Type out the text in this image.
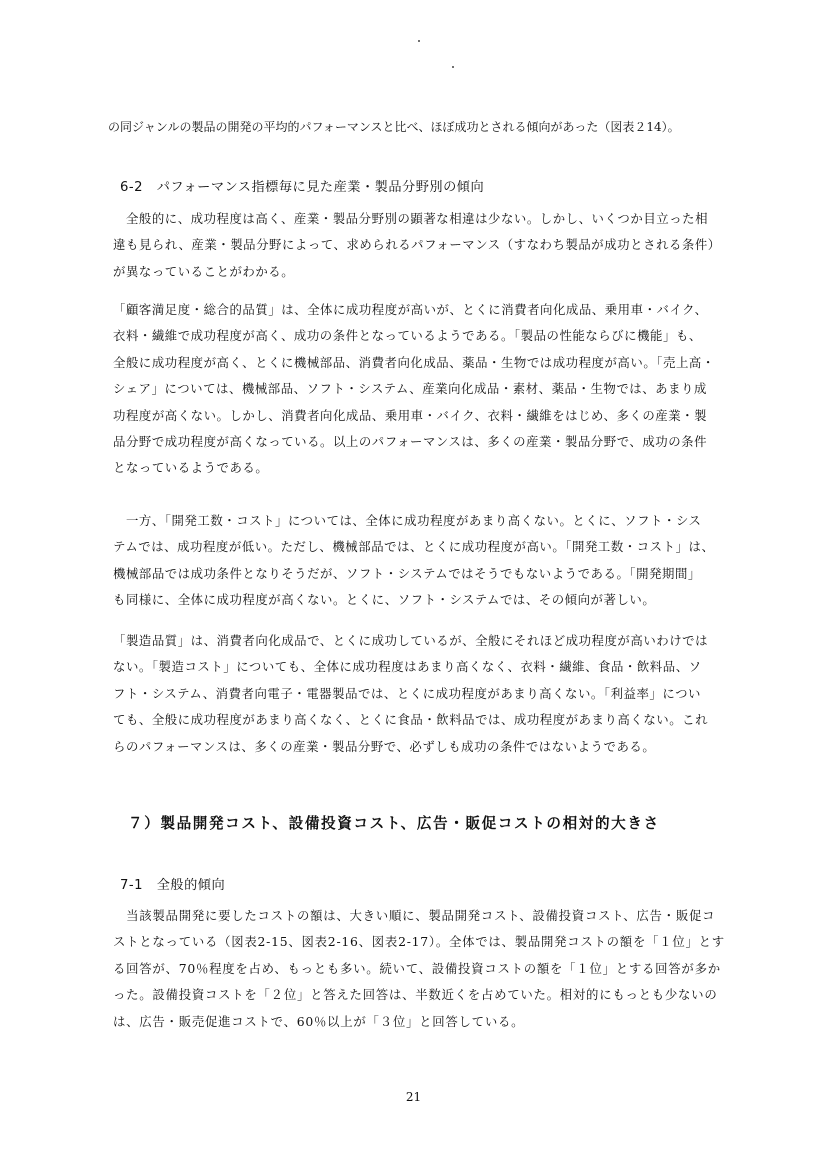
の同ジャンルの製品の開発の平均的パフォーマンスと比べ、ほぼ成功とされる傾向があった（図表２14）。
6-2　パフォーマンス指標毎に見た産業・製品分野別の傾向
　全般的に、成功程度は高く、産業・製品分野別の顕著な相違は少ない。しかし、いくつか目立った相
違も見られ、産業・製品分野によって、求められるパフォーマンス（すなわち製品が成功とされる条件）
が異なっていることがわかる。
「顧客満足度・総合的品質」は、全体に成功程度が高いが、とくに消費者向化成品、乗用車・バイク、
衣料・繊維で成功程度が高く、成功の条件となっているようである。「製品の性能ならびに機能」も、
全般に成功程度が高く、とくに機械部品、消費者向化成品、薬品・生物では成功程度が高い。「売上高・
シェア」については、機械部品、ソフト・システム、産業向化成品・素材、薬品・生物では、あまり成
功程度が高くない。しかし、消費者向化成品、乗用車・バイク、衣料・繊維をはじめ、多くの産業・製
品分野で成功程度が高くなっている。以上のパフォーマンスは、多くの産業・製品分野で、成功の条件
となっているようである。
　一方、「開発工数・コスト」については、全体に成功程度があまり高くない。とくに、ソフト・シス
テムでは、成功程度が低い。ただし、機械部品では、とくに成功程度が高い。「開発工数・コスト」は、
機械部品では成功条件となりそうだが、ソフト・システムではそうでもないようである。「開発期間」
も同様に、全体に成功程度が高くない。とくに、ソフト・システムでは、その傾向が著しい。
「製造品質」は、消費者向化成品で、とくに成功しているが、全般にそれほど成功程度が高いわけでは
ない。「製造コスト」についても、全体に成功程度はあまり高くなく、衣料・繊維、食品・飲料品、ソ
フト・システム、消費者向電子・電器製品では、とくに成功程度があまり高くない。「利益率」につい
ても、全般に成功程度があまり高くなく、とくに食品・飲料品では、成功程度があまり高くない。これ
らのパフォーマンスは、多くの産業・製品分野で、必ずしも成功の条件ではないようである。
７）製品開発コスト、設備投資コスト、広告・販促コストの相対的大きさ
7-1　全般的傾向
　当該製品開発に要したコストの額は、大きい順に、製品開発コスト、設備投資コスト、広告・販促コ
ストとなっている（図表2-15、図表2-16、図表2-17）。全体では、製品開発コストの額を「１位」とす
る回答が、70％程度を占め、もっとも多い。続いて、設備投資コストの額を「１位」とする回答が多か
った。設備投資コストを「２位」と答えた回答は、半数近くを占めていた。相対的にもっとも少ないの
は、広告・販売促進コストで、60％以上が「３位」と回答している。
21
